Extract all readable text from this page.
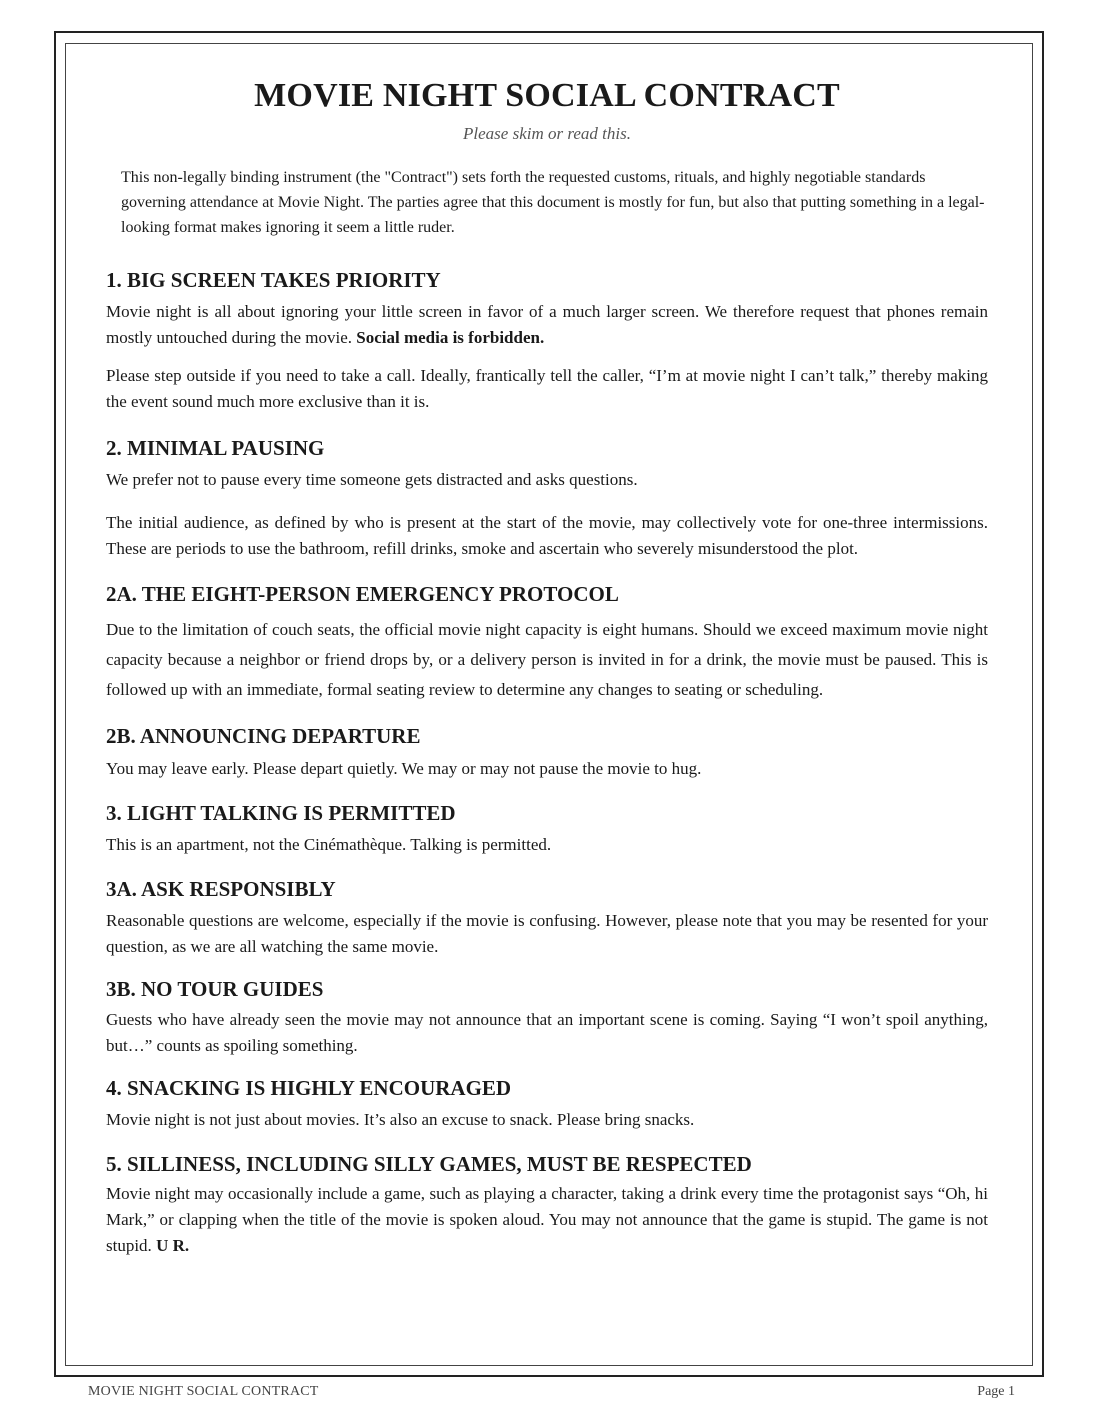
MOVIE NIGHT SOCIAL CONTRACT

Please skim or read this.

This non-legally binding instrument (the "Contract") sets forth the requested customs, rituals, and highly negotiable standards governing attendance at Movie Night. The parties agree that this document is mostly for fun, but also that putting something in a legal-looking format makes ignoring it seem a little ruder.

1. BIG SCREEN TAKES PRIORITY

Movie night is all about ignoring your little screen in favor of a much larger screen. We therefore request that phones remain mostly untouched during the movie. Social media is forbidden.

Please step outside if you need to take a call. Ideally, frantically tell the caller, “I’m at movie night I can’t talk,” thereby making the event sound much more exclusive than it is.

2. MINIMAL PAUSING

We prefer not to pause every time someone gets distracted and asks questions.

The initial audience, as defined by who is present at the start of the movie, may collectively vote for one-three intermissions. These are periods to use the bathroom, refill drinks, smoke and ascertain who severely misunderstood the plot.

2A. THE EIGHT-PERSON EMERGENCY PROTOCOL

Due to the limitation of couch seats, the official movie night capacity is eight humans. Should we exceed maximum movie night capacity because a neighbor or friend drops by, or a delivery person is invited in for a drink, the movie must be paused. This is followed up with an immediate, formal seating review to determine any changes to seating or scheduling.

2B. ANNOUNCING DEPARTURE

You may leave early. Please depart quietly. We may or may not pause the movie to hug.

3. LIGHT TALKING IS PERMITTED

This is an apartment, not the Cinémathèque. Talking is permitted.

3A. ASK RESPONSIBLY

Reasonable questions are welcome, especially if the movie is confusing. However, please note that you may be resented for your question, as we are all watching the same movie.

3B. NO TOUR GUIDES

Guests who have already seen the movie may not announce that an important scene is coming. Saying “I won’t spoil anything, but…” counts as spoiling something.

4. SNACKING IS HIGHLY ENCOURAGED

Movie night is not just about movies. It’s also an excuse to snack. Please bring snacks.

5. SILLINESS, INCLUDING SILLY GAMES, MUST BE RESPECTED

Movie night may occasionally include a game, such as playing a character, taking a drink every time the protagonist says “Oh, hi Mark,” or clapping when the title of the movie is spoken aloud. You may not announce that the game is stupid. The game is not stupid. U R.

MOVIE NIGHT SOCIAL CONTRACT	Page 1
